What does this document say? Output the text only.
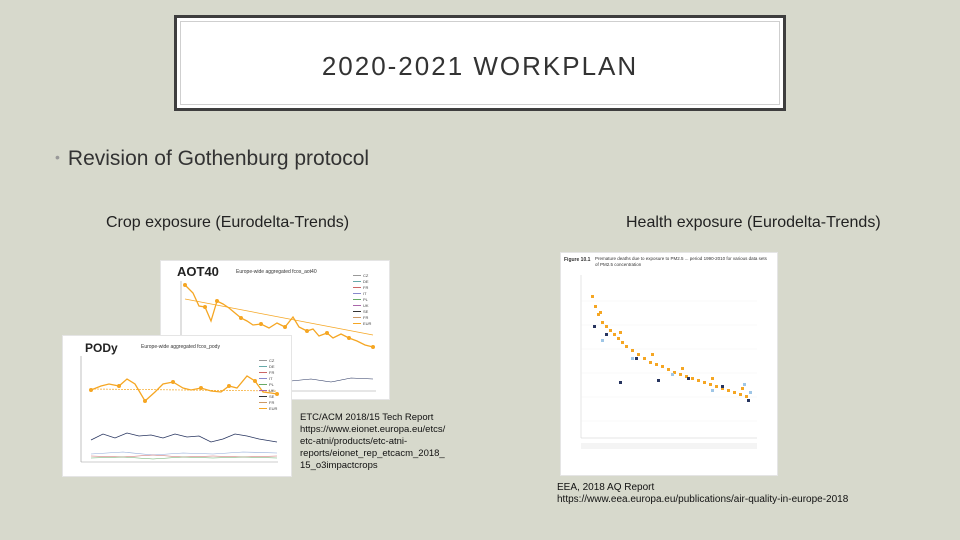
2020-2021 WORKPLAN
• Revision of Gothenburg protocol
Crop exposure (Eurodelta-Trends)	Health exposure (Eurodelta-Trends)
AOT40	Europe-wide aggregated fcos_aot40
CZ
DE
FR
IT
PL
UK
SE
FR
EUR
ETC/ACM 2018/15 Tech Report
https://www.eionet.europa.eu/etcs/
etc-atni/products/etc-atni-
reports/eionet_rep_etcacm_2018_
15_o3impactcrops
PODy	Europe-wide aggregated fcos_pody
CZ
DE
FR
IT
PL
UK
SE
FR
EUR
Figure 10.1 Premature deaths due to exposure to PM2.5 ... period 1990-2010 for various data sets of PM2.5 concentration
EEA, 2018 AQ Report
https://www.eea.europa.eu/publications/air-quality-in-europe-2018
